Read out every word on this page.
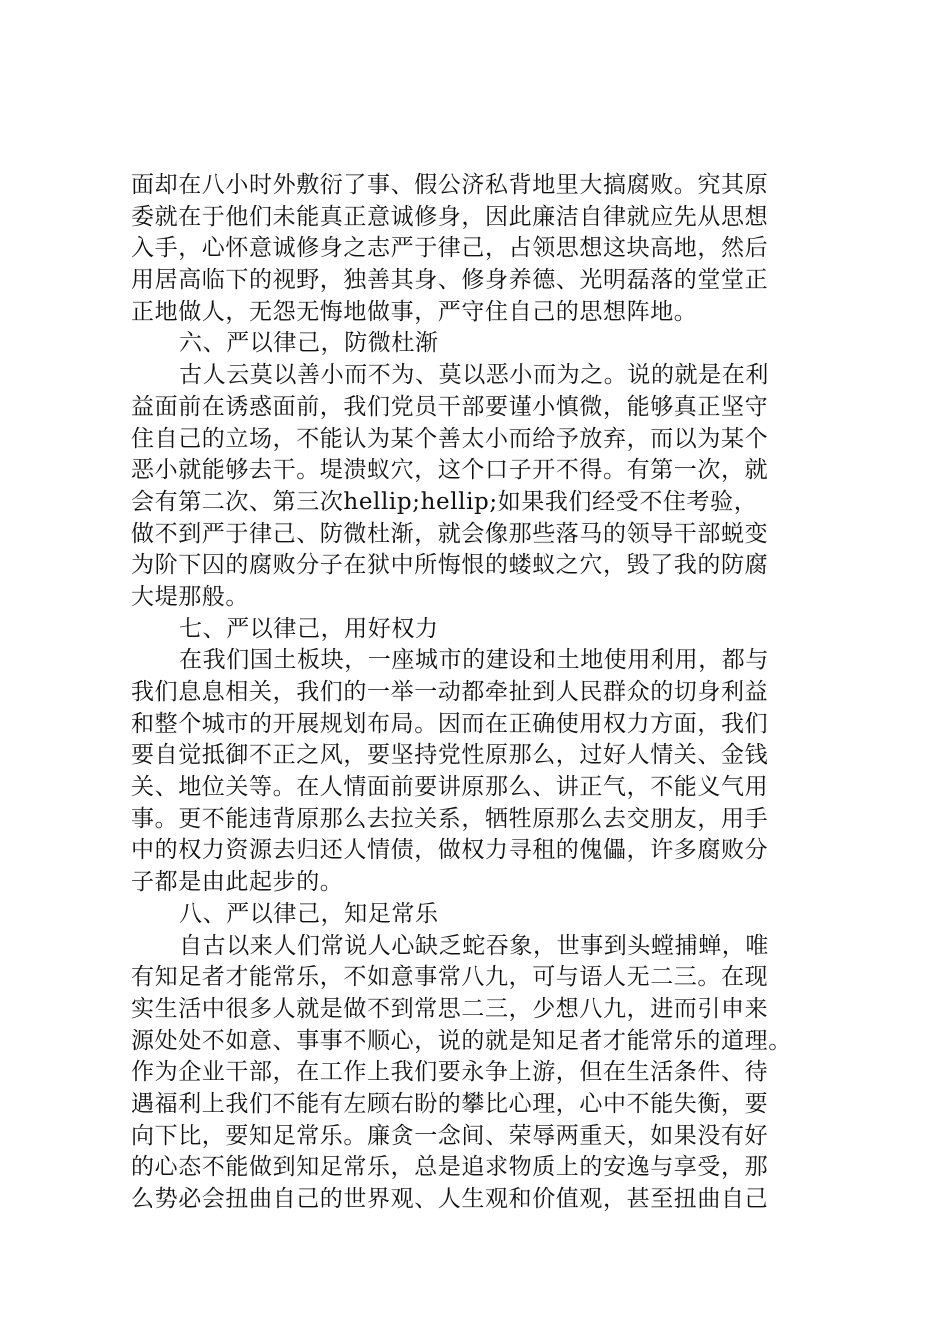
面却在八小时外敷衍了事、假公济私背地里大搞腐败。究其原
委就在于他们未能真正意诚修身，因此廉洁自律就应先从思想
入手，心怀意诚修身之志严于律己，占领思想这块高地，然后
用居高临下的视野，独善其身、修身养德、光明磊落的堂堂正
正地做人，无怨无悔地做事，严守住自己的思想阵地。
六、严以律己，防微杜渐
古人云莫以善小而不为、莫以恶小而为之。说的就是在利
益面前在诱惑面前，我们党员干部要谨小慎微，能够真正坚守
住自己的立场，不能认为某个善太小而给予放弃，而以为某个
恶小就能够去干。堤溃蚁穴，这个口子开不得。有第一次，就
会有第二次、第三次hellip;hellip;如果我们经受不住考验，
做不到严于律己、防微杜渐，就会像那些落马的领导干部蜕变
为阶下囚的腐败分子在狱中所悔恨的蝼蚁之穴，毁了我的防腐
大堤那般。
七、严以律己，用好权力
在我们国土板块，一座城市的建设和土地使用利用，都与
我们息息相关，我们的一举一动都牵扯到人民群众的切身利益
和整个城市的开展规划布局。因而在正确使用权力方面，我们
要自觉抵御不正之风，要坚持党性原那么，过好人情关、金钱
关、地位关等。在人情面前要讲原那么、讲正气，不能义气用
事。更不能违背原那么去拉关系，牺牲原那么去交朋友，用手
中的权力资源去归还人情债，做权力寻租的傀儡，许多腐败分
子都是由此起步的。
八、严以律己，知足常乐
自古以来人们常说人心缺乏蛇吞象，世事到头螳捕蝉，唯
有知足者才能常乐，不如意事常八九，可与语人无二三。在现
实生活中很多人就是做不到常思二三，少想八九，进而引申来
源处处不如意、事事不顺心，说的就是知足者才能常乐的道理。
作为企业干部，在工作上我们要永争上游，但在生活条件、待
遇福利上我们不能有左顾右盼的攀比心理，心中不能失衡，要
向下比，要知足常乐。廉贪一念间、荣辱两重天，如果没有好
的心态不能做到知足常乐，总是追求物质上的安逸与享受，那
么势必会扭曲自己的世界观、人生观和价值观，甚至扭曲自己
